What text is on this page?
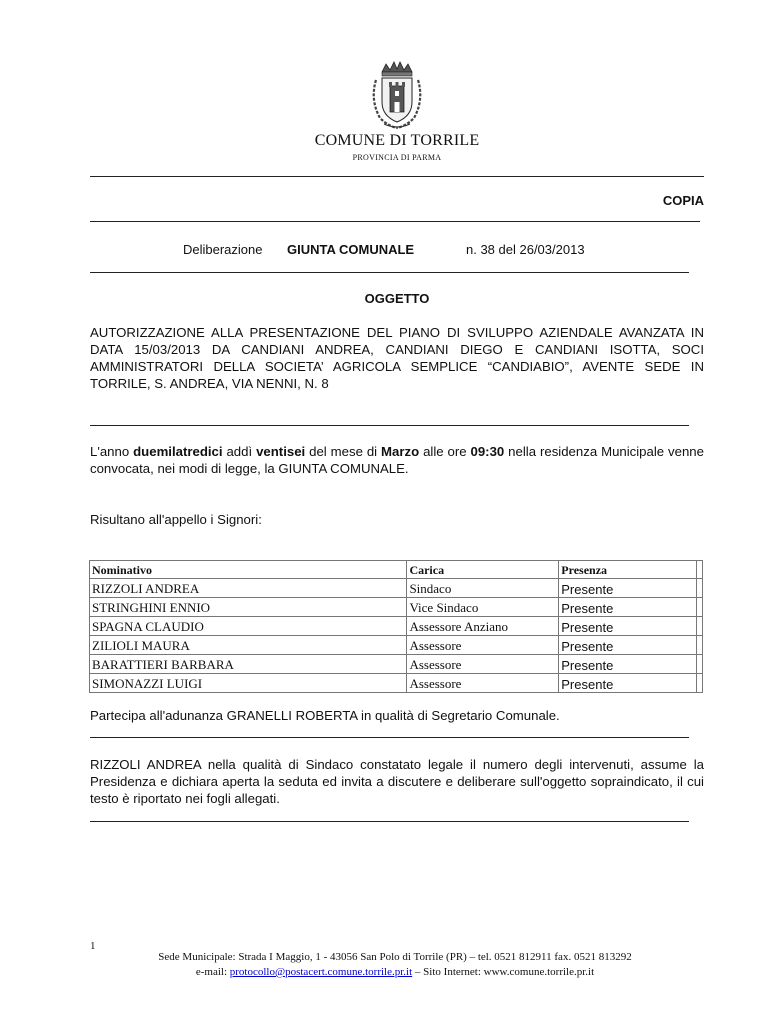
COMUNE DI TORRILE
PROVINCIA DI PARMA
COPIA
Deliberazione GIUNTA COMUNALE	n. 38 del 26/03/2013
OGGETTO
AUTORIZZAZIONE ALLA PRESENTAZIONE DEL PIANO DI SVILUPPO AZIENDALE AVANZATA IN DATA 15/03/2013 DA CANDIANI ANDREA, CANDIANI DIEGO E CANDIANI ISOTTA, SOCI AMMINISTRATORI DELLA SOCIETA’ AGRICOLA SEMPLICE “CANDIABIO”, AVENTE SEDE IN TORRILE, S. ANDREA, VIA NENNI, N. 8
L'anno duemilatredici addì ventisei del mese di Marzo alle ore 09:30 nella residenza Municipale venne convocata, nei modi di legge, la GIUNTA COMUNALE.
Risultano all'appello i Signori:
Nominativo	Carica	Presenza	
RIZZOLI ANDREA	Sindaco	Presente	
STRINGHINI ENNIO	Vice Sindaco	Presente	
SPAGNA CLAUDIO	Assessore Anziano	Presente	
ZILIOLI MAURA	Assessore	Presente	
BARATTIERI BARBARA	Assessore	Presente	
SIMONAZZI LUIGI	Assessore	Presente	
Partecipa all'adunanza GRANELLI ROBERTA in qualità di Segretario Comunale.
RIZZOLI ANDREA nella qualità di Sindaco constatato legale il numero degli intervenuti, assume la Presidenza e dichiara aperta la seduta ed invita a discutere e deliberare sull'oggetto sopraindicato, il cui testo è riportato nei fogli allegati.
1
Sede Municipale: Strada I Maggio, 1 - 43056 San Polo di Torrile (PR) – tel. 0521 812911 fax. 0521 813292
e-mail: protocollo@postacert.comune.torrile.pr.it – Sito Internet: www.comune.torrile.pr.it
